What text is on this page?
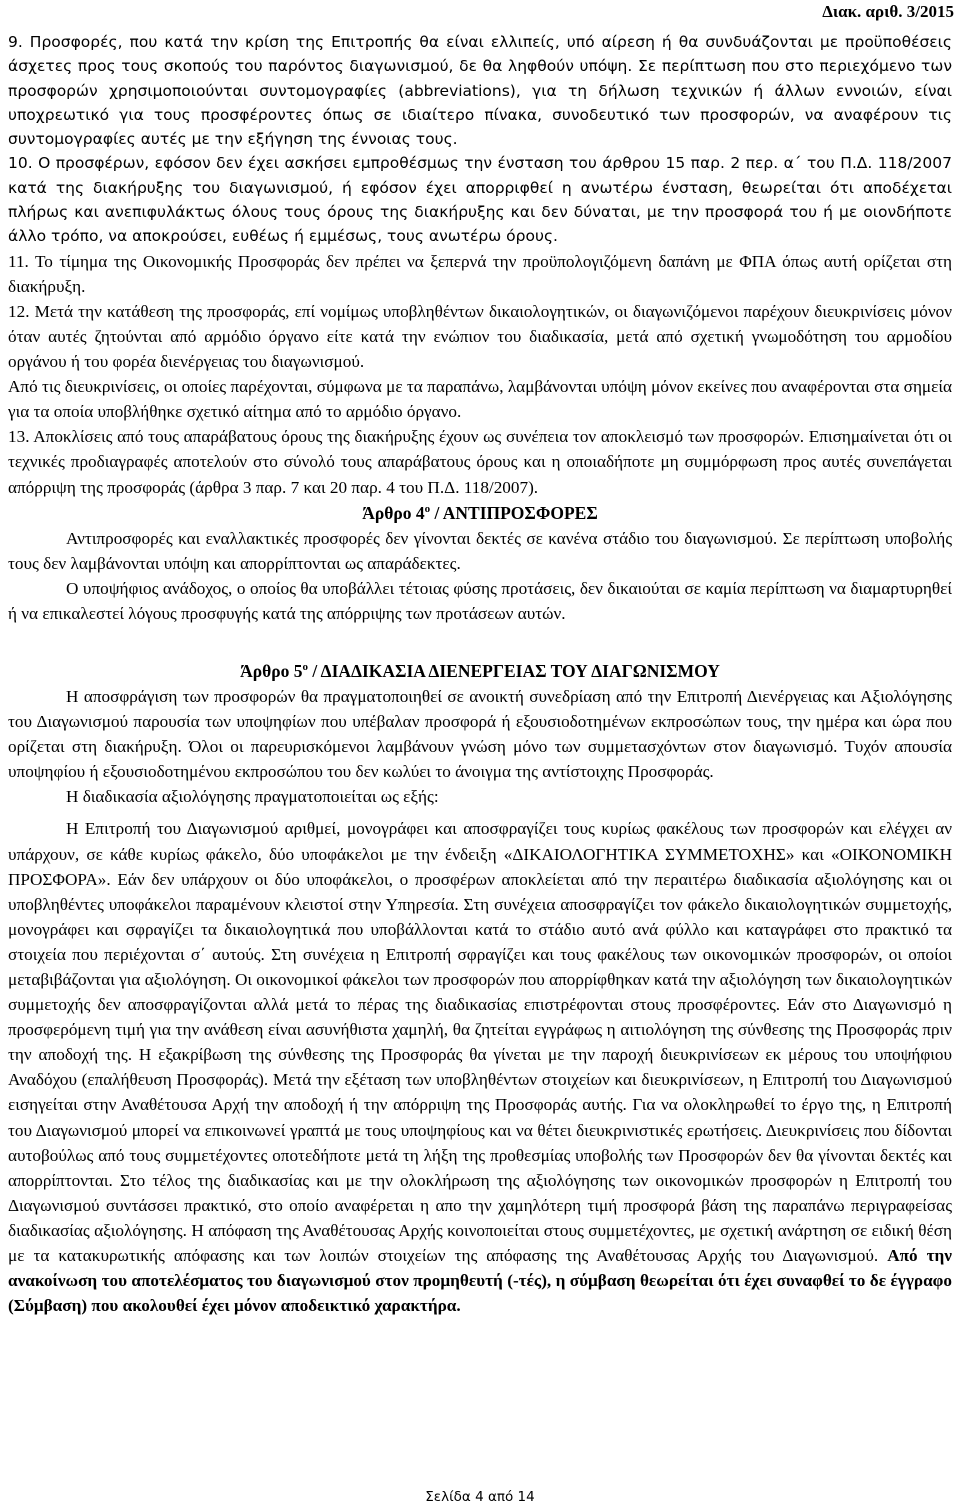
Διακ. αριθ. 3/2015

9. Προσφορές, που κατά την κρίση της Επιτροπής θα είναι ελλιπείς, υπό αίρεση ή θα συνδυάζονται με προϋποθέσεις άσχετες προς τους σκοπούς του παρόντος διαγωνισμού, δε θα ληφθούν υπόψη. Σε περίπτωση που στο περιεχόμενο των προσφορών χρησιμοποιούνται συντομογραφίες (abbreviations), για τη δήλωση τεχνικών ή άλλων εννοιών, είναι υποχρεωτικό για τους προσφέροντες όπως σε ιδιαίτερο πίνακα, συνοδευτικό των προσφορών, να αναφέρουν τις συντομογραφίες αυτές με την εξήγηση της έννοιας τους.

10. Ο προσφέρων, εφόσον δεν έχει ασκήσει εμπροθέσμως την ένσταση του άρθρου 15 παρ. 2 περ. α΄ του Π.Δ. 118/2007 κατά της διακήρυξης του διαγωνισμού, ή εφόσον έχει απορριφθεί η ανωτέρω ένσταση, θεωρείται ότι αποδέχεται πλήρως και ανεπιφυλάκτως όλους τους όρους της διακήρυξης και δεν δύναται, με την προσφορά του ή με οιονδήποτε άλλο τρόπο, να αποκρούσει, ευθέως ή εμμέσως, τους ανωτέρω όρους.

11. Το τίμημα της Οικονομικής Προσφοράς δεν πρέπει να ξεπερνά την προϋπολογιζόμενη δαπάνη με ΦΠΑ όπως αυτή ορίζεται στη διακήρυξη.

12. Μετά την κατάθεση της προσφοράς, επί νομίμως υποβληθέντων δικαιολογητικών, οι διαγωνιζόμενοι παρέχουν διευκρινίσεις μόνον όταν αυτές ζητούνται από αρμόδιο όργανο είτε κατά την ενώπιον του διαδικασία, μετά από σχετική γνωμοδότηση του αρμοδίου οργάνου ή του φορέα διενέργειας του διαγωνισμού.

Από τις διευκρινίσεις, οι οποίες παρέχονται, σύμφωνα με τα παραπάνω, λαμβάνονται υπόψη μόνον εκείνες που αναφέρονται στα σημεία για τα οποία υποβλήθηκε σχετικό αίτημα από το αρμόδιο όργανο.

13. Αποκλίσεις από τους απαράβατους όρους της διακήρυξης έχουν ως συνέπεια τον αποκλεισμό των προσφορών. Επισημαίνεται ότι οι τεχνικές προδιαγραφές αποτελούν στο σύνολό τους απαράβατους όρους και η οποιαδήποτε μη συμμόρφωση προς αυτές συνεπάγεται απόρριψη της προσφοράς (άρθρα 3 παρ. 7 και 20 παρ. 4 του Π.Δ. 118/2007).

Άρθρο $4^o$ / ΑΝΤΙΠΡΟΣΦΟΡΕΣ

Αντιπροσφορές και εναλλακτικές προσφορές δεν γίνονται δεκτές σε κανένα στάδιο του διαγωνισμού. Σε περίπτωση υποβολής τους δεν λαμβάνονται υπόψη και απορρίπτονται ως απαράδεκτες.

Ο υποψήφιος ανάδοχος, ο οποίος θα υποβάλλει τέτοιας φύσης προτάσεις, δεν δικαιούται σε καμία περίπτωση να διαμαρτυρηθεί ή να επικαλεστεί λόγους προσφυγής κατά της απόρριψης των προτάσεων αυτών.

Άρθρο $5^o$ / ΔΙΑΔΙΚΑΣΙΑ ΔΙΕΝΕΡΓΕΙΑΣ ΤΟΥ ΔΙΑΓΩΝΙΣΜΟΥ

Η αποσφράγιση των προσφορών θα πραγματοποιηθεί σε ανοικτή συνεδρίαση από την Επιτροπή Διενέργειας και Αξιολόγησης του Διαγωνισμού παρουσία των υποψηφίων που υπέβαλαν προσφορά ή εξουσιοδοτημένων εκπροσώπων τους, την ημέρα και ώρα που ορίζεται στη διακήρυξη. Όλοι οι παρευρισκόμενοι λαμβάνουν γνώση μόνο των συμμετασχόντων στον διαγωνισμό. Τυχόν απουσία υποψηφίου ή εξουσιοδοτημένου εκπροσώπου του δεν κωλύει το άνοιγμα της αντίστοιχης Προσφοράς.

Η διαδικασία αξιολόγησης πραγματοποιείται ως εξής:

Η Επιτροπή του Διαγωνισμού αριθμεί, μονογράφει και αποσφραγίζει τους κυρίως φακέλους των προσφορών και ελέγχει αν υπάρχουν, σε κάθε κυρίως φάκελο, δύο υποφάκελοι με την ένδειξη «ΔΙΚΑΙΟΛΟΓΗΤΙΚΑ ΣΥΜΜΕΤΟΧΗΣ» και «ΟΙΚΟΝΟΜΙΚΗ ΠΡΟΣΦΟΡΑ». Εάν δεν υπάρχουν οι δύο υποφάκελοι, ο προσφέρων αποκλείεται από την περαιτέρω διαδικασία αξιολόγησης και οι υποβληθέντες υποφάκελοι παραμένουν κλειστοί στην Υπηρεσία. Στη συνέχεια αποσφραγίζει τον φάκελο δικαιολογητικών συμμετοχής, μονογράφει και σφραγίζει τα δικαιολογητικά που υποβάλλονται κατά το στάδιο αυτό ανά φύλλο και καταγράφει στο πρακτικό τα στοιχεία που περιέχονται σ΄ αυτούς. Στη συνέχεια η Επιτροπή σφραγίζει και τους φακέλους των οικονομικών προσφορών, οι οποίοι μεταβιβάζονται για αξιολόγηση. Οι οικονομικοί φάκελοι των προσφορών που απορρίφθηκαν κατά την αξιολόγηση των δικαιολογητικών συμμετοχής δεν αποσφραγίζονται αλλά μετά το πέρας της διαδικασίας επιστρέφονται στους προσφέροντες. Εάν στο Διαγωνισμό η προσφερόμενη τιμή για την ανάθεση είναι ασυνήθιστα χαμηλή, θα ζητείται εγγράφως η αιτιολόγηση της σύνθεσης της Προσφοράς πριν την αποδοχή της. Η εξακρίβωση της σύνθεσης της Προσφοράς θα γίνεται με την παροχή διευκρινίσεων εκ μέρους του υποψήφιου Αναδόχου (επαλήθευση Προσφοράς). Μετά την εξέταση των υποβληθέντων στοιχείων και διευκρινίσεων, η Επιτροπή του Διαγωνισμού εισηγείται στην Αναθέτουσα Αρχή την αποδοχή ή την απόρριψη της Προσφοράς αυτής. Για να ολοκληρωθεί το έργο της, η Επιτροπή του Διαγωνισμού μπορεί να επικοινωνεί γραπτά με τους υποψηφίους και να θέτει διευκρινιστικές ερωτήσεις. Διευκρινίσεις που δίδονται αυτοβούλως από τους συμμετέχοντες οποτεδήποτε μετά τη λήξη της προθεσμίας υποβολής των Προσφορών δεν θα γίνονται δεκτές και απορρίπτονται. Στο τέλος της διαδικασίας και με την ολοκλήρωση της αξιολόγησης των οικονομικών προσφορών η Επιτροπή του Διαγωνισμού συντάσσει πρακτικό, στο οποίο αναφέρεται η απο την χαμηλότερη τιμή προσφορά βάση της παραπάνω περιγραφείσας διαδικασίας αξιολόγησης. Η απόφαση της Αναθέτουσας Αρχής κοινοποιείται στους συμμετέχοντες, με σχετική ανάρτηση σε ειδική θέση με τα κατακυρωτικής απόφασης και των λοιπών στοιχείων της απόφασης της Αναθέτουσας Αρχής του Διαγωνισμού. Από την ανακοίνωση του αποτελέσματος του διαγωνισμού στον προμηθευτή (-τές), η σύμβαση θεωρείται ότι έχει συναφθεί το δε έγγραφο (Σύμβαση) που ακολουθεί έχει μόνον αποδεικτικό χαρακτήρα.

Σελίδα 4 από 14
